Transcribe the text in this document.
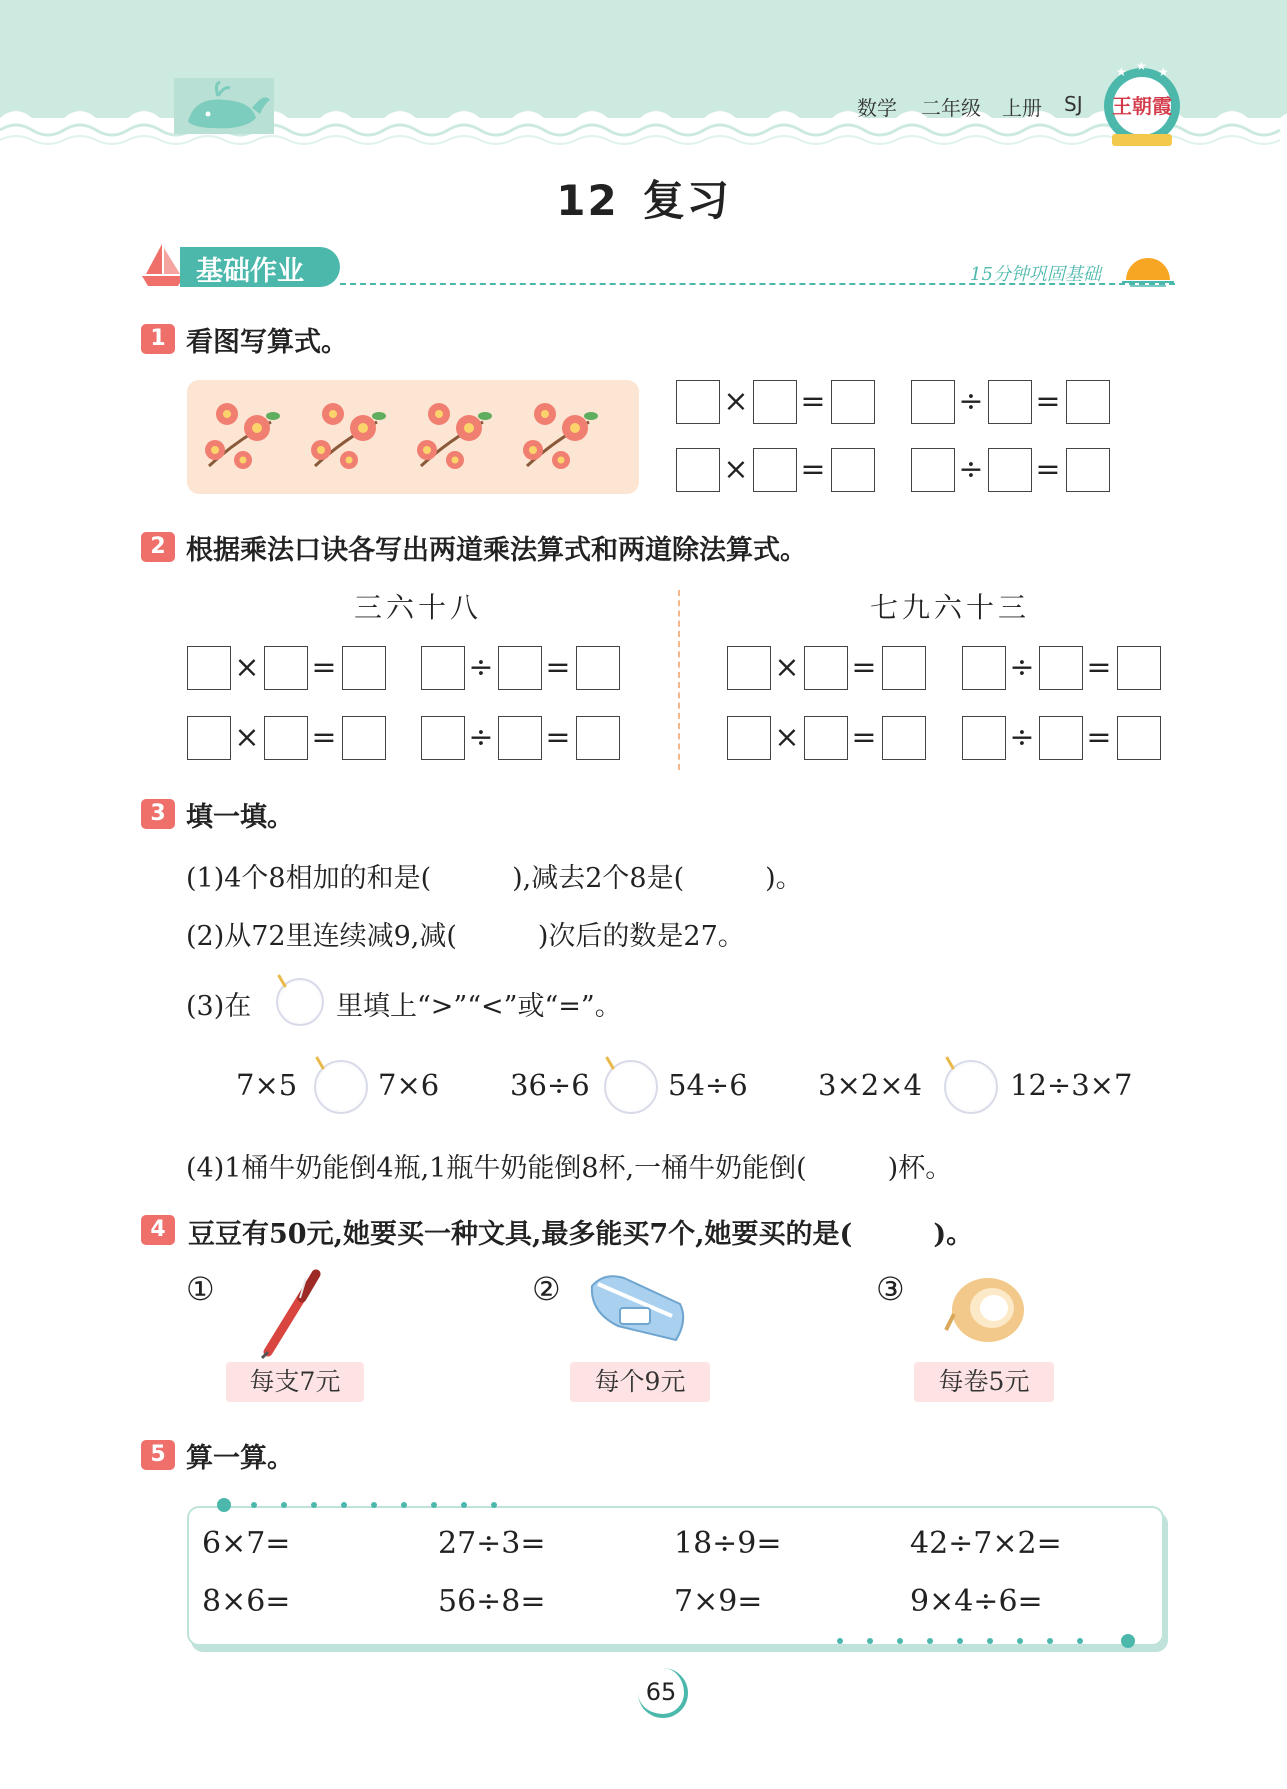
数学 二年级 上册 SJ
★ ★ ★
王朝霞
12 复习
基础作业	15分钟巩固基础
1 看图写算式。
× =	÷ =
× =	÷ =
2 根据乘法口诀各写出两道乘法算式和两道除法算式。
三六十八	七九六十三
× =	÷ =
× =	÷ =
× =	÷ =
× =	÷ =
3 填一填。
(1)4个8相加的和是(　　　),减去2个8是(　　　)。
(2)从72里连续减9,减(　　　)次后的数是27。
(3)在	里填上“>”“<”或“=”。
7×5	7×6 36÷6	54÷6 3×2×4	12÷3×7
(4)1桶牛奶能倒4瓶,1瓶牛奶能倒8杯,一桶牛奶能倒(　　　)杯。
4 豆豆有50元,她要买一种文具,最多能买7个,她要买的是(　　　)。
①
每支7元
②
每个9元
③
每卷5元
5 算一算。
6×7=	27÷3=	18÷9=	42÷7×2=
8×6=	56÷8=	7×9=	9×4÷6=
65
